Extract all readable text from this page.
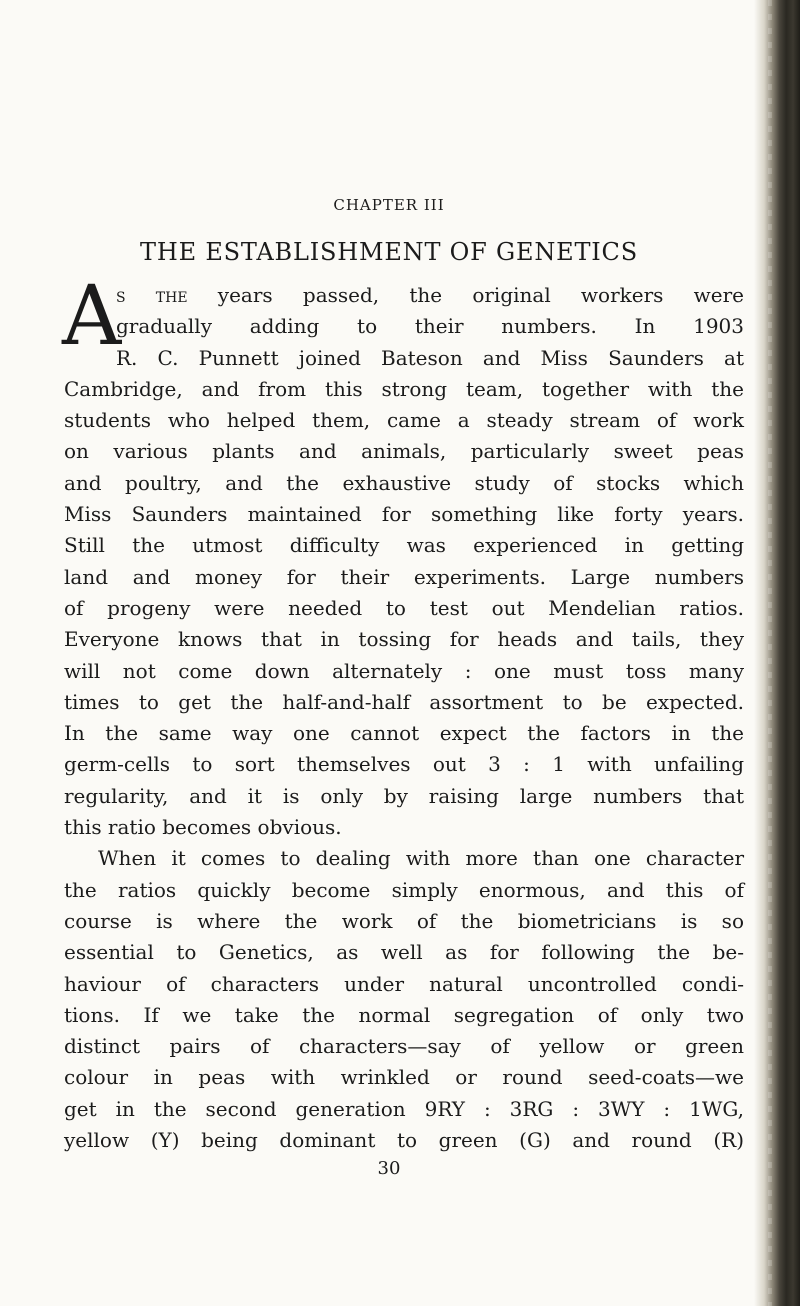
CHAPTER III
THE ESTABLISHMENT OF GENETICS
A
s the years passed, the original workers were
gradually adding to their numbers. In 1903
R. C. Punnett joined Bateson and Miss Saunders at
Cambridge, and from this strong team, together with the
students who helped them, came a steady stream of work
on various plants and animals, particularly sweet peas
and poultry, and the exhaustive study of stocks which
Miss Saunders maintained for something like forty years.
Still the utmost difficulty was experienced in getting
land and money for their experiments. Large numbers
of progeny were needed to test out Mendelian ratios.
Everyone knows that in tossing for heads and tails, they
will not come down alternately : one must toss many
times to get the half-and-half assortment to be expected.
In the same way one cannot expect the factors in the
germ-cells to sort themselves out 3 : 1 with unfailing
regularity, and it is only by raising large numbers that
this ratio becomes obvious.
When it comes to dealing with more than one character
the ratios quickly become simply enormous, and this of
course is where the work of the biometricians is so
essential to Genetics, as well as for following the be-
haviour of characters under natural uncontrolled condi-
tions. If we take the normal segregation of only two
distinct pairs of characters—say of yellow or green
colour in peas with wrinkled or round seed-coats—we
get in the second generation 9RY : 3RG : 3WY : 1WG,
yellow (Y) being dominant to green (G) and round (R)
30
